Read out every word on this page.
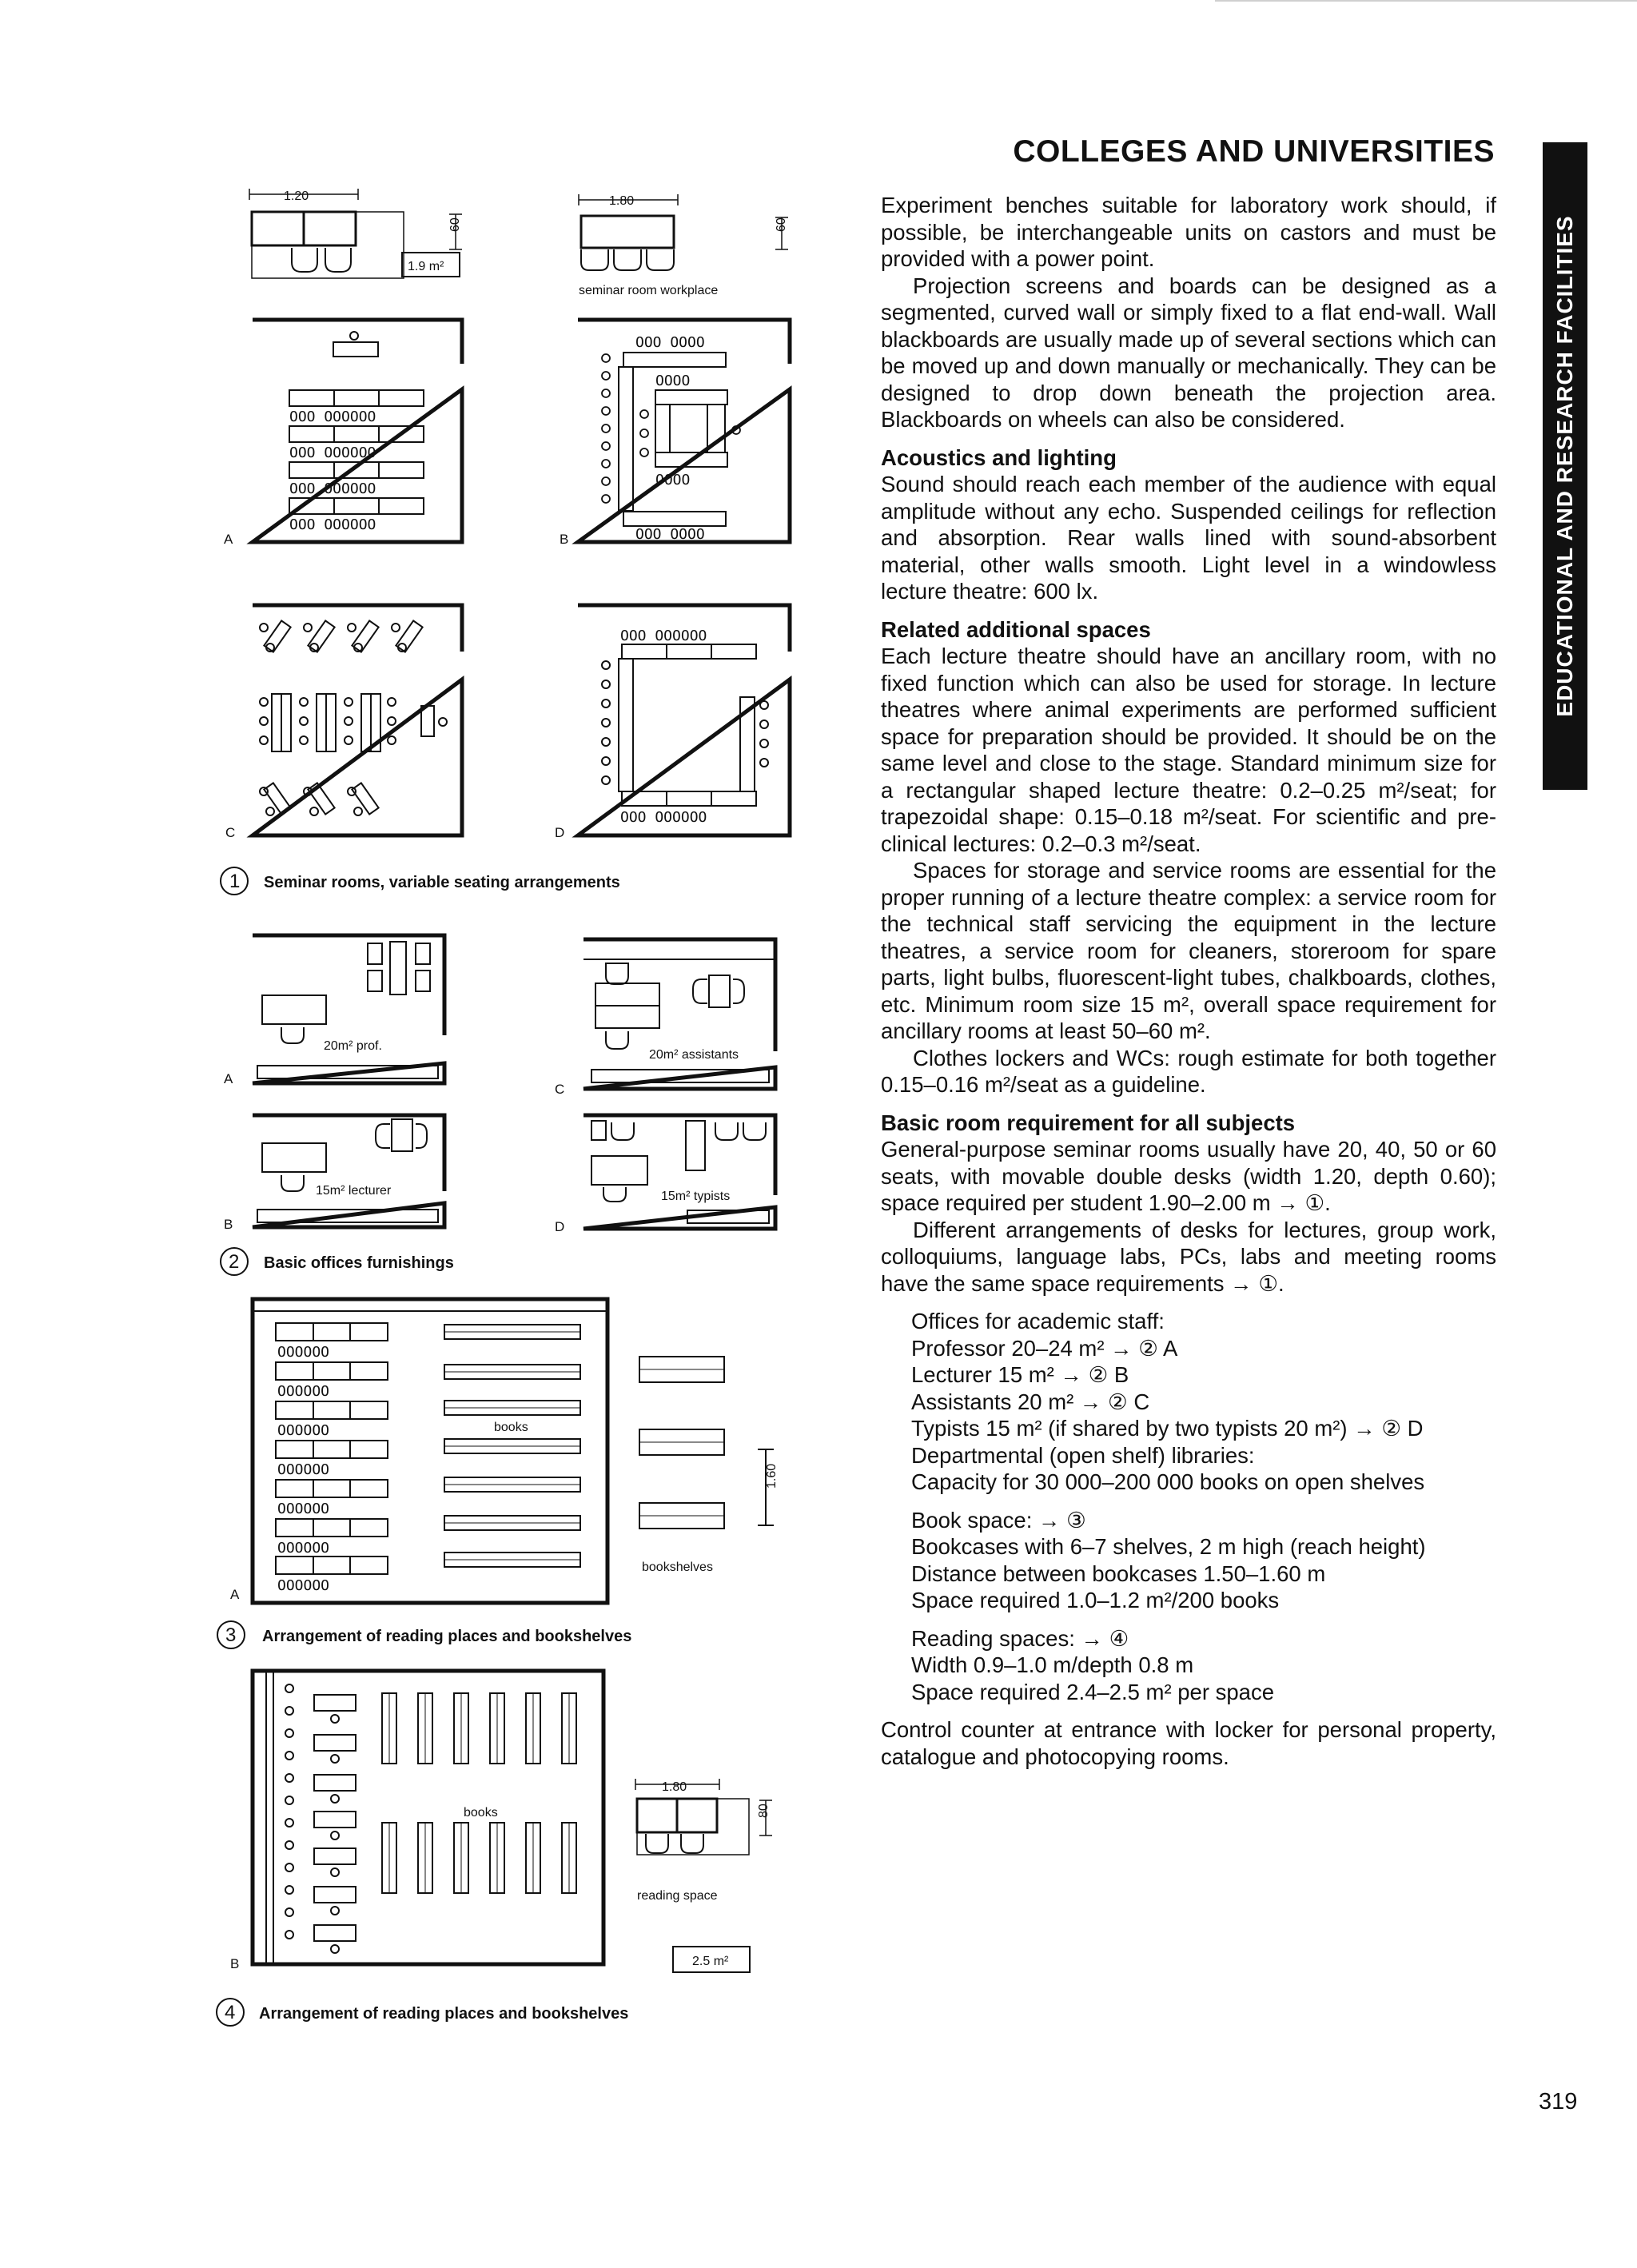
COLLEGES AND UNIVERSITIES
EDUCATIONAL AND RESEARCH FACILITIES

Experiment benches suitable for laboratory work should, if possible, be interchangeable units on castors and must be provided with a power point.

Projection screens and boards can be designed as a segmented, curved wall or simply fixed to a flat end-wall. Wall blackboards are usually made up of several sections which can be moved up and down manually or mechanically. They can be designed to drop down beneath the projection area. Blackboards on wheels can also be considered.

Acoustics and lighting

Sound should reach each member of the audience with equal amplitude without any echo. Suspended ceilings for reflection and absorption. Rear walls lined with sound-absorbent material, other walls smooth. Light level in a windowless lecture theatre: 600 lx.

Related additional spaces

Each lecture theatre should have an ancillary room, with no fixed function which can also be used for storage. In lecture theatres where animal experiments are performed sufficient space for preparation should be provided. It should be on the same level and close to the stage. Standard minimum size for a rectangular shaped lecture theatre: 0.2–0.25 m²/seat; for trapezoidal shape: 0.15–0.18 m²/seat. For scientific and pre-clinical lectures: 0.2–0.3 m²/seat.

Spaces for storage and service rooms are essential for the proper running of a lecture theatre complex: a service room for the technical staff servicing the equipment in the lecture theatres, a service room for cleaners, storeroom for spare parts, light bulbs, fluorescent-light tubes, chalkboards, clothes, etc. Minimum room size 15 m², overall space requirement for ancillary rooms at least 50–60 m².

Clothes lockers and WCs: rough estimate for both together 0.15–0.16 m²/seat as a guideline.

Basic room requirement for all subjects

General-purpose seminar rooms usually have 20, 40, 50 or 60 seats, with movable double desks (width 1.20, depth 0.60); space required per student 1.90–2.00 m → ①.

Different arrangements of desks for lectures, group work, colloquiums, language labs, PCs, labs and meeting rooms have the same space requirements → ①.

Offices for academic staff:
Professor 20–24 m² → ② A
Lecturer 15 m² → ② B
Assistants 20 m² → ② C
Typists 15 m² (if shared by two typists 20 m²) → ② D
Departmental (open shelf) libraries:
Capacity for 30 000–200 000 books on open shelves
Book space: → ③
Bookcases with 6–7 shelves, 2 m high (reach height)
Distance between bookcases 1.50–1.60 m
Space required 1.0–1.2 m²/200 books
Reading spaces: → ④
Width 0.9–1.0 m/depth 0.8 m
Space required 2.4–2.5 m² per space

Control counter at entrance with locker for personal property, catalogue and photocopying rooms.

319
1.20
60
1.9 m²
1.80
60
seminar room workplace
OOO OOOOOO
OOO OOOOOO
OOO OOOOOO
OOO OOOOOO
A
OOO OOOO
OOOO
OOOO
OOO OOOO
B
C
OOO OOOOOO
OOO OOOOOO
D
1 Seminar rooms, variable seating arrangements
20m² prof.
A
15m² lecturer
B
20m² assistants
C
15m² typists
D
2 Basic offices furnishings
OOOOOO
OOOOOO
OOOOOO
OOOOOO
OOOOOO
OOOOOO
OOOOOO
books
1.60
bookshelves
A
3 Arrangement of reading places and bookshelves
books
1.80
80
reading space
2.5 m²
B
4 Arrangement of reading places and bookshelves
